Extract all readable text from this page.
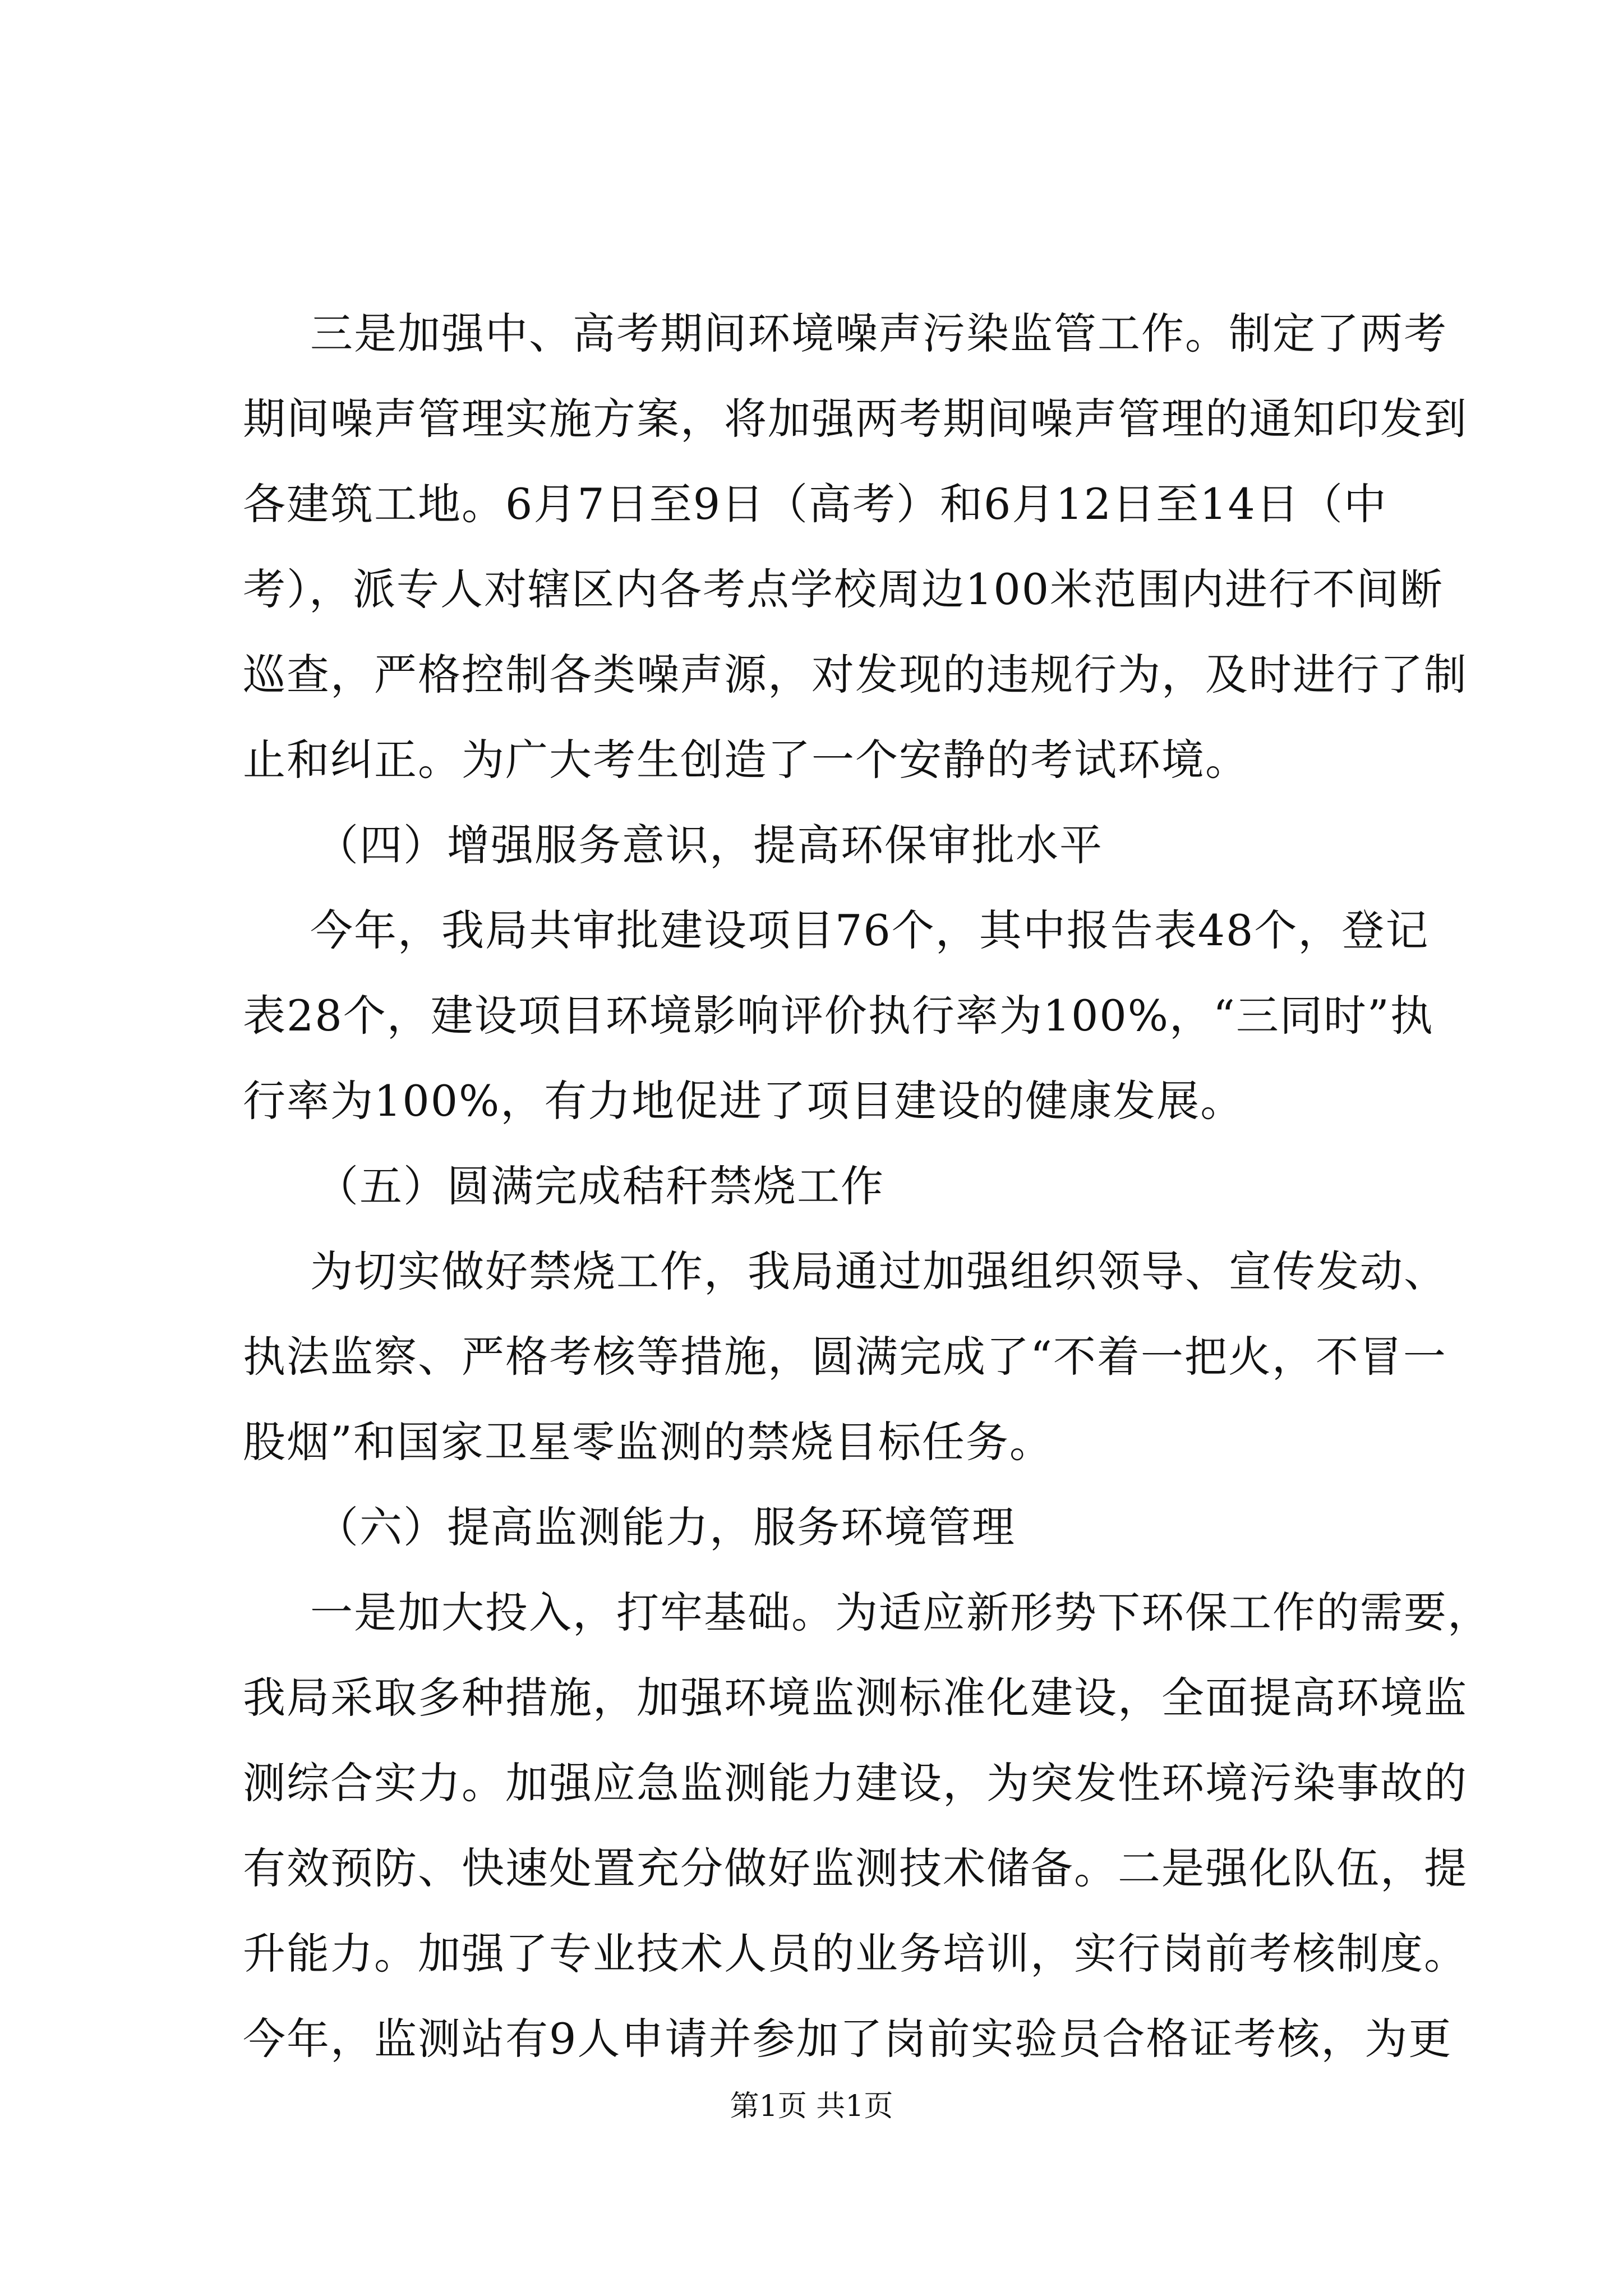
三是加强中、高考期间环境噪声污染监管工作。制定了两考
期间噪声管理实施方案，将加强两考期间噪声管理的通知印发到
各建筑工地。6月7日至9日（高考）和6月12日至14日（中
考），派专人对辖区内各考点学校周边100米范围内进行不间断
巡查，严格控制各类噪声源，对发现的违规行为，及时进行了制
止和纠正。为广大考生创造了一个安静的考试环境。
（四）增强服务意识，提高环保审批水平
今年，我局共审批建设项目76个，其中报告表48个，登记
表28个，建设项目环境影响评价执行率为100%，“三同时”执
行率为100%，有力地促进了项目建设的健康发展。
（五）圆满完成秸秆禁烧工作
为切实做好禁烧工作，我局通过加强组织领导、宣传发动、
执法监察、严格考核等措施，圆满完成了“不着一把火，不冒一
股烟”和国家卫星零监测的禁烧目标任务。
（六）提高监测能力，服务环境管理
一是加大投入，打牢基础。为适应新形势下环保工作的需要，
我局采取多种措施，加强环境监测标准化建设，全面提高环境监
测综合实力。加强应急监测能力建设，为突发性环境污染事故的
有效预防、快速处置充分做好监测技术储备。二是强化队伍，提
升能力。加强了专业技术人员的业务培训，实行岗前考核制度。
今年，监测站有9人申请并参加了岗前实验员合格证考核，为更
第1页 共1页
